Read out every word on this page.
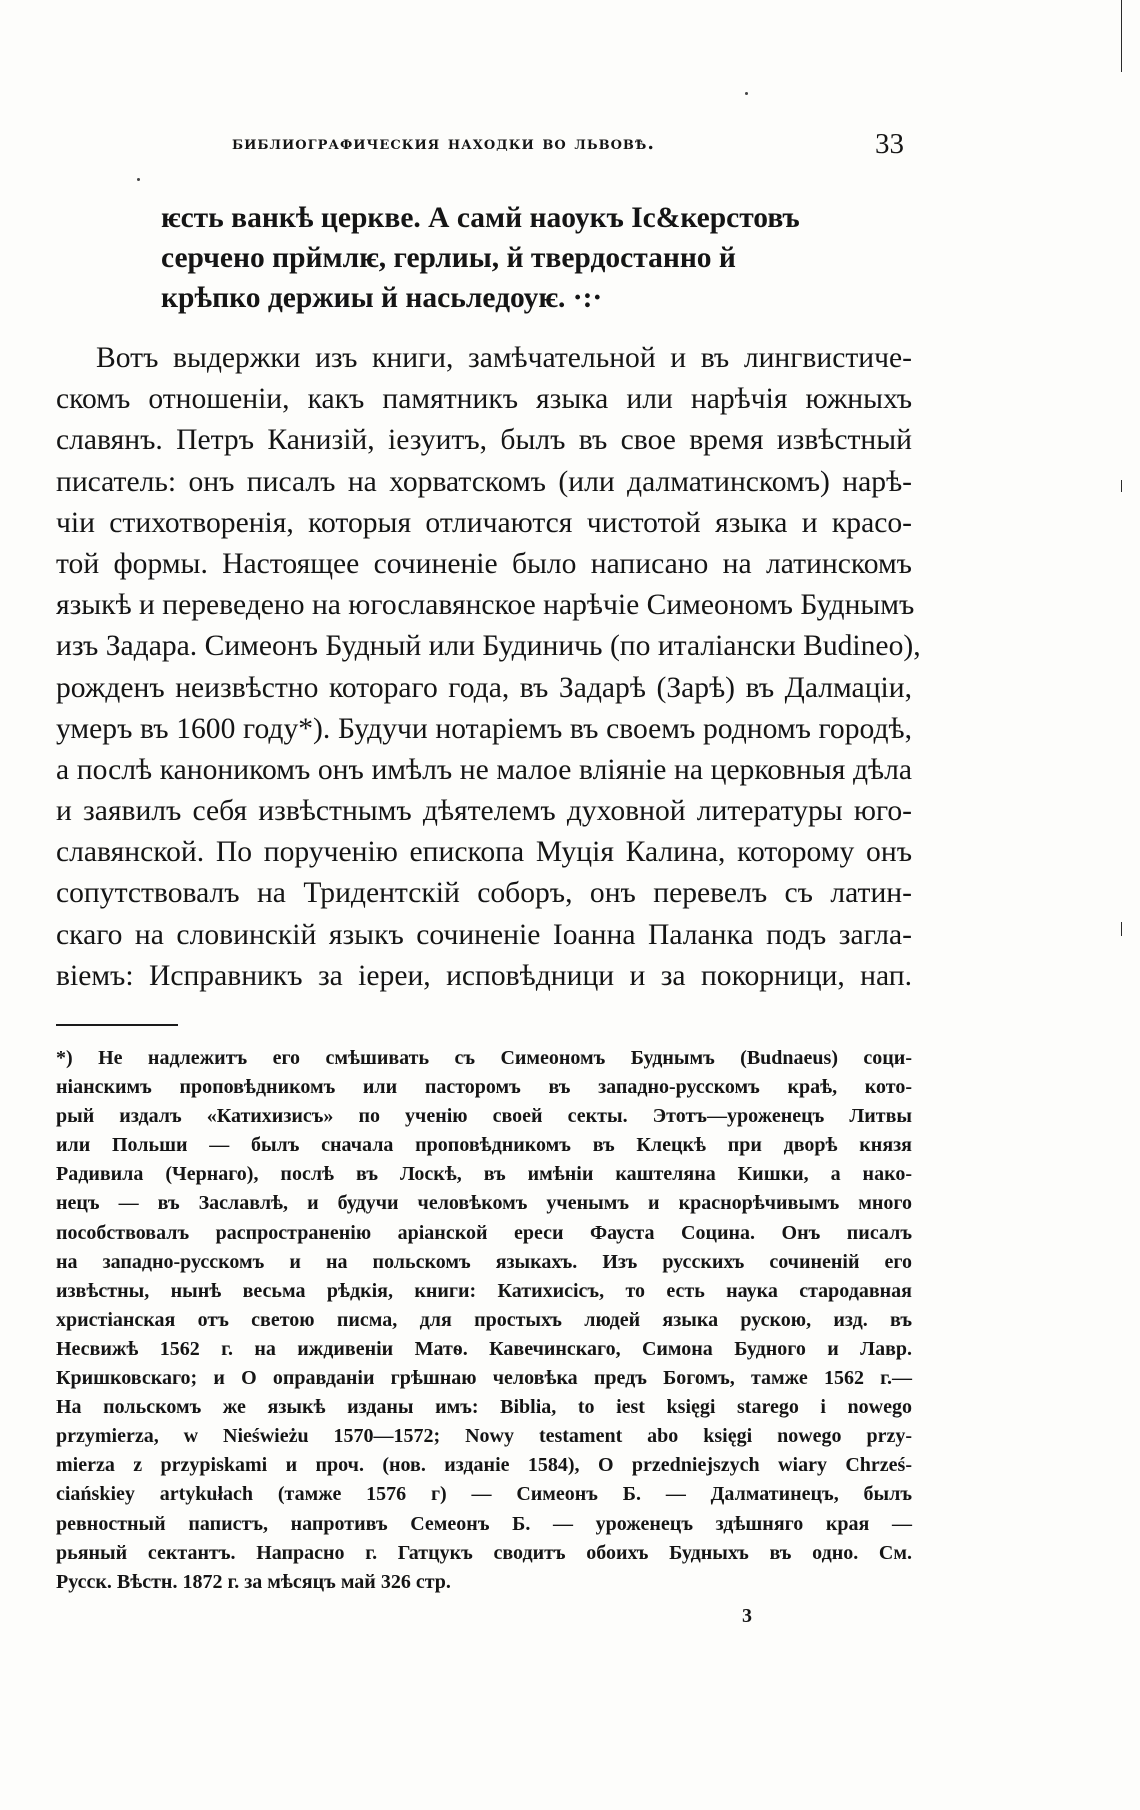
библиографическия находки во львовѣ.	33
ѥсть ванкѣ церкве. А самй наоукъ Іс&керстовъ
серчено прймлѥ, герлиы, й твердостанно й
крѣпко держиы й насьледоуѥ. ·:·
Вотъ выдержки изъ книги, замѣчательной и въ лингвистиче-
скомъ отношеніи, какъ памятникъ языка или нарѣчія южныхъ
славянъ. Петръ Канизій, іезуитъ, былъ въ свое время извѣстный
писатель: онъ писалъ на хорватскомъ (или далматинскомъ) нарѣ-
чіи стихотворенія, которыя отличаются чистотой языка и красо-
той формы. Настоящее сочиненіе было написано на латинскомъ
языкѣ и переведено на югославянское нарѣчіе Симеономъ Буднымъ
изъ Задара. Симеонъ Будный или Будиничь (по италіански Budineo),
рожденъ неизвѣстно котораго года, въ Задарѣ (Зарѣ) въ Далмаціи,
умеръ въ 1600 году*). Будучи нотаріемъ въ своемъ родномъ городѣ,
а послѣ каноникомъ онъ имѣлъ не малое вліяніе на церковныя дѣла
и заявилъ себя извѣстнымъ дѣятелемъ духовной литературы юго-
славянской. По порученію епископа Муція Калина, которому онъ
сопутствовалъ на Тридентскій соборъ, онъ перевелъ съ латин-
скаго на словинскій языкъ сочиненіе Іоанна Паланка подъ загла-
віемъ: Исправникъ за іереи, исповѣдници и за покорници, нап.
*) Не надлежитъ его смѣшивать съ Симеономъ Буднымъ (Budnaeus) соци-
ніанскимъ проповѣдникомъ или пасторомъ въ западно-русскомъ краѣ, кото-
рый издалъ «Катихизисъ» по ученію своей секты. Этотъ—уроженецъ Литвы
или Польши — былъ сначала проповѣдникомъ въ Клецкѣ при дворѣ князя
Радивила (Чернаго), послѣ въ Лоскѣ, въ имѣніи каштеляна Кишки, а нако-
нецъ — въ Заславлѣ, и будучи человѣкомъ ученымъ и краснорѣчивымъ много
пособствовалъ распространенію аріанской ереси Фауста Социна. Онъ писалъ
на западно-русскомъ и на польскомъ языкахъ. Изъ русскихъ сочиненій его
извѣстны, нынѣ весьма рѣдкія, книги: Катихисісъ, то есть наука стародавная
христіанская отъ светою писма, для простыхъ людей языка рускою, изд. въ
Несвижѣ 1562 г. на иждивеніи Матѳ. Кавечинскаго, Симона Будного и Лавр.
Кришковскаго; и О оправданіи грѣшнаю человѣка предъ Богомъ, тамже 1562 г.—
На польскомъ же языкѣ изданы имъ: Biblia, to iest księgi starego i nowego
przymierza, w Nieświeżu 1570—1572; Nowy testament abo księgi nowego przy-
mierza z przypiskami и проч. (нов. изданіе 1584), O przedniejszych wiary Chrześ-
ciańskiey artykułach (тамже 1576 г) — Симеонъ Б. — Далматинецъ, былъ
ревностный папистъ, напротивъ Семеонъ Б. — уроженецъ здѣшняго края —
рьяный сектантъ. Напрасно г. Гатцукъ сводитъ обоихъ Будныхъ въ одно. См.
Русск. Вѣстн. 1872 г. за мѣсяцъ май 326 стр.
3
